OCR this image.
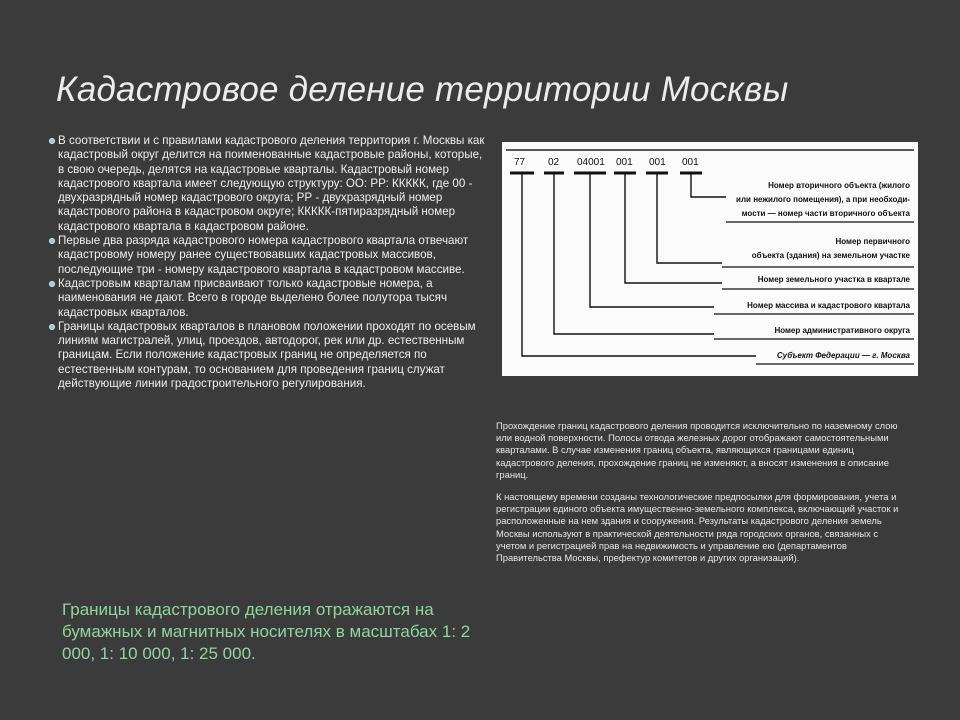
Кадастровое деление территории Москвы

В соответствии и с правилами кадастрового деления территория г. Москвы как кадастровый округ делится на поименованные кадастровые районы, которые, в свою очередь, делятся на кадастровые кварталы. Кадастровый номер кадастрового квартала имеет следующую структуру: ОО: РР: ККККК, где 00 - двухразрядный номер кадастрового округа; РР - двухразрядный номер кадастрового района в кадастровом округе; ККККК-пятиразрядный номер кадастрового квартала в кадастровом районе.

Первые два разряда кадастрового номера кадастрового квартала отвечают кадастровому номеру ранее существовавших кадастровых массивов, последующие три - номеру кадастрового квартала в кадастровом массиве.

Кадастровым кварталам присваивают только кадастровые номера, а наименования не дают. Всего в городе выделено более полутора тысяч кадастровых кварталов.

Границы кадастровых кварталов в плановом положении проходят по осевым линиям магистралей, улиц, проездов, автодорог, рек или др. естественным границам. Если положение кадастровых границ не определяется по естественным контурам, то основанием для проведения границ служат действующие линии градостроительного регулирования.

77 02 04001 001 001 001
Номер вторичного объекта (жилого
или нежилого помещения), а при необходи-
мости — номер части вторичного объекта
Номер первичного
объекта (здания) на земельном участке
Номер земельного участка в квартале
Номер массива и кадастрового квартала
Номер административного округа
Субъект Федерации — г. Москва

Прохождение границ кадастрового деления проводится исключительно по наземному слою или водной поверхности. Полосы отвода железных дорог отображают самостоятельными кварталами. В случае изменения границ объекта, являющихся границами единиц кадастрового деления, прохождение границ не изменяют, а вносят изменения в описание границ.

К настоящему времени созданы технологические предпосылки для формирования, учета и регистрации единого объекта имущественно-земельного комплекса, включающий участок и расположенные на нем здания и сооружения. Результаты кадастрового деления земель Москвы используют в практической деятельности ряда городских органов, связанных с учетом и регистрацией прав на недвижимость и управление ею (департаментов Правительства Москвы, префектур комитетов и других организаций).

Границы кадастрового деления отражаются на бумажных и магнитных носителях в масштабах 1: 2 000, 1: 10 000, 1: 25 000.
